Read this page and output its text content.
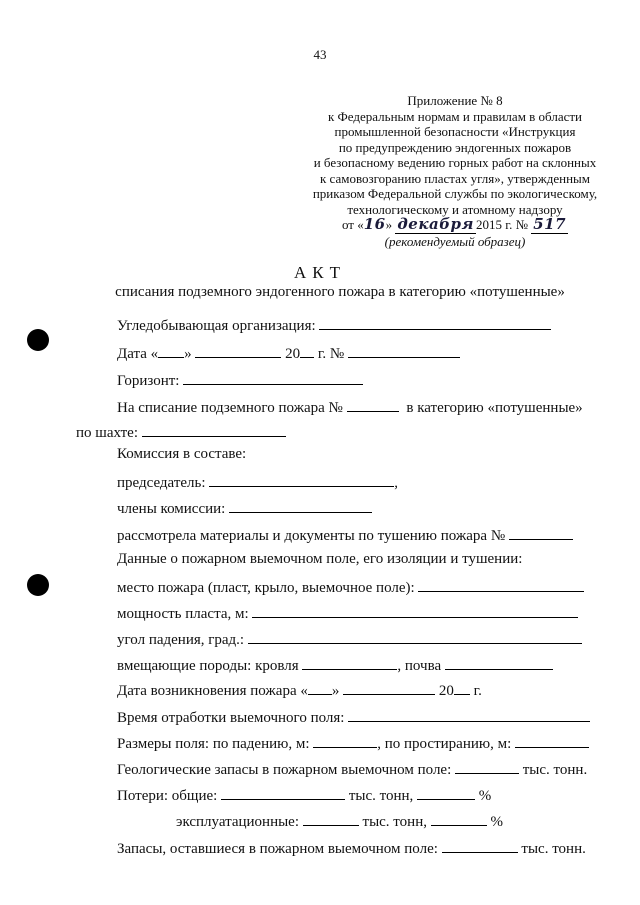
43
Приложение № 8
к Федеральным нормам и правилам в области
промышленной безопасности «Инструкция
по предупреждению эндогенных пожаров
и безопасному ведению горных работ на склонных
к самовозгоранию пластах угля», утвержденным
приказом Федеральной службы по экологическому,
технологическому и атомному надзору
от «16» декабря 2015 г. № 517
(рекомендуемый образец)
АКТ
списания подземного эндогенного пожара в категорию «потушенные»
Угледобывающая организация:
Дата « »	20 г. №
Горизонт:
На списание подземного пожара №	в категорию «потушенные»
по шахте:
Комиссия в составе:
председатель:	,
члены комиссии:
рассмотрела материалы и документы по тушению пожара №
Данные о пожарном выемочном поле, его изоляции и тушении:
место пожара (пласт, крыло, выемочное поле):
мощность пласта, м:
угол падения, град.:
вмещающие породы: кровля	, почва
Дата возникновения пожара « »	20 г.
Время отработки выемочного поля:
Размеры поля: по падению, м:	, по простиранию, м:
Геологические запасы в пожарном выемочном поле:	тыс. тонн.
Потери: общие:	тыс. тонн,	%
эксплуатационные:	тыс. тонн,	%
Запасы, оставшиеся в пожарном выемочном поле:	тыс. тонн.
